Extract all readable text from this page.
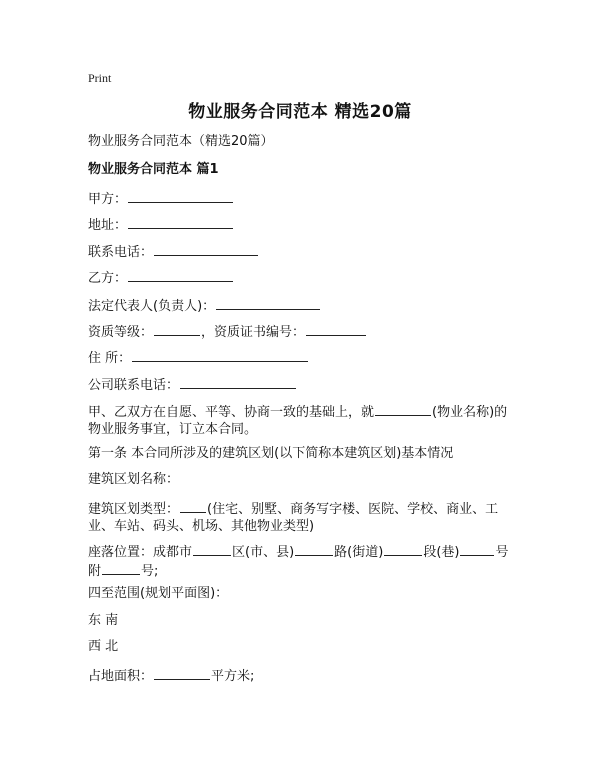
Print
物业服务合同范本 精选20篇
物业服务合同范本（精选20篇）
物业服务合同范本 篇1
甲方：
地址：
联系电话：
乙方：
法定代表人(负责人)：
资质等级：	，资质证书编号：
住 所：
公司联系电话：
甲、乙双方在自愿、平等、协商一致的基础上，就	(物业名称)的物业服务事宜，订立本合同。
第一条 本合同所涉及的建筑区划(以下简称本建筑区划)基本情况
建筑区划名称：
建筑区划类型： (住宅、别墅、商务写字楼、医院、学校、商业、工业、车站、码头、机场、其他物业类型)
座落位置：成都市	区(市、县)	路(街道)	段(巷)	号附	号;
四至范围(规划平面图)：
东 南
西 北
占地面积：	平方米;
